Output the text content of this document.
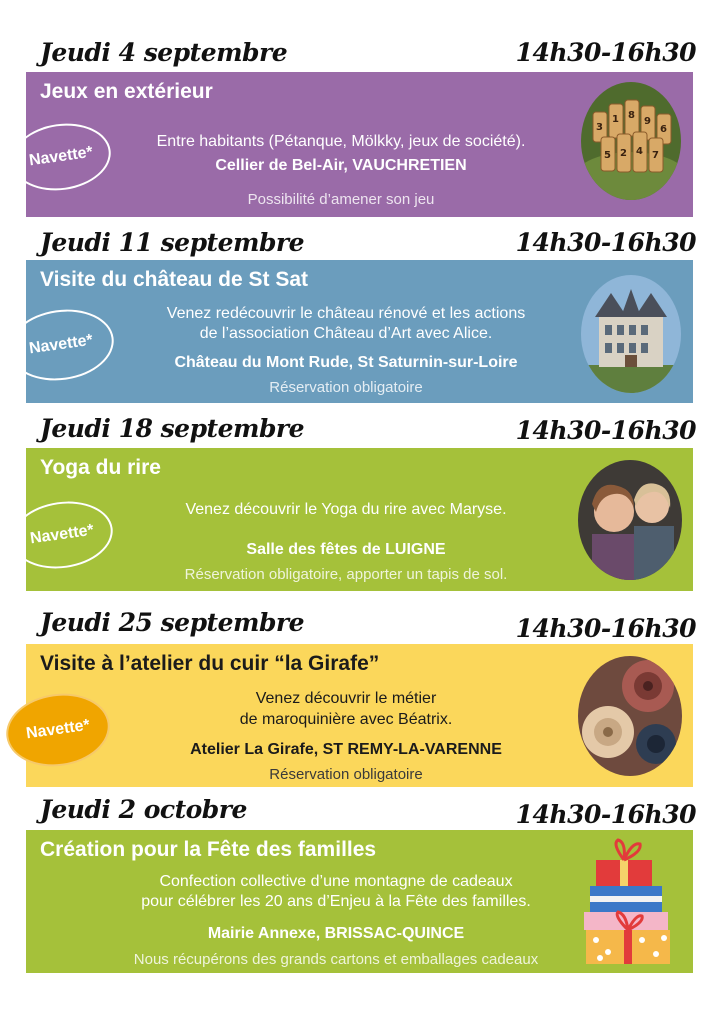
Jeudi 4 septembre	14h30-16h30
Jeux en extérieur
Navette*
Entre habitants (Pétanque, Mölkky, jeux de société).
Cellier de Bel-Air, VAUCHRETIEN
Possibilité d’amener son jeu
3
1 8
9
6
5 2 4 7
Jeudi 11 septembre	14h30-16h30
Visite du château de St Sat
Navette*
Venez redécouvrir le château rénové et les actions
de l’association Château d’Art avec Alice.
Château du Mont Rude, St Saturnin-sur-Loire
Réservation obligatoire
Jeudi 18 septembre	14h30-16h30
Yoga du rire
Navette*
Venez découvrir le Yoga du rire avec Maryse.
Salle des fêtes de LUIGNE
Réservation obligatoire, apporter un tapis de sol.
Jeudi 25 septembre	14h30-16h30
Visite à l’atelier du cuir “la Girafe”
Navette*
Venez découvrir le métier
de maroquinière avec Béatrix.
Atelier La Girafe, ST REMY-LA-VARENNE
Réservation obligatoire
Jeudi 2 octobre	14h30-16h30
Création pour la Fête des familles
Confection collective d’une montagne de cadeaux
pour célébrer les 20 ans d’Enjeu à la Fête des familles.
Mairie Annexe, BRISSAC-QUINCE
Nous récupérons des grands cartons et emballages cadeaux
